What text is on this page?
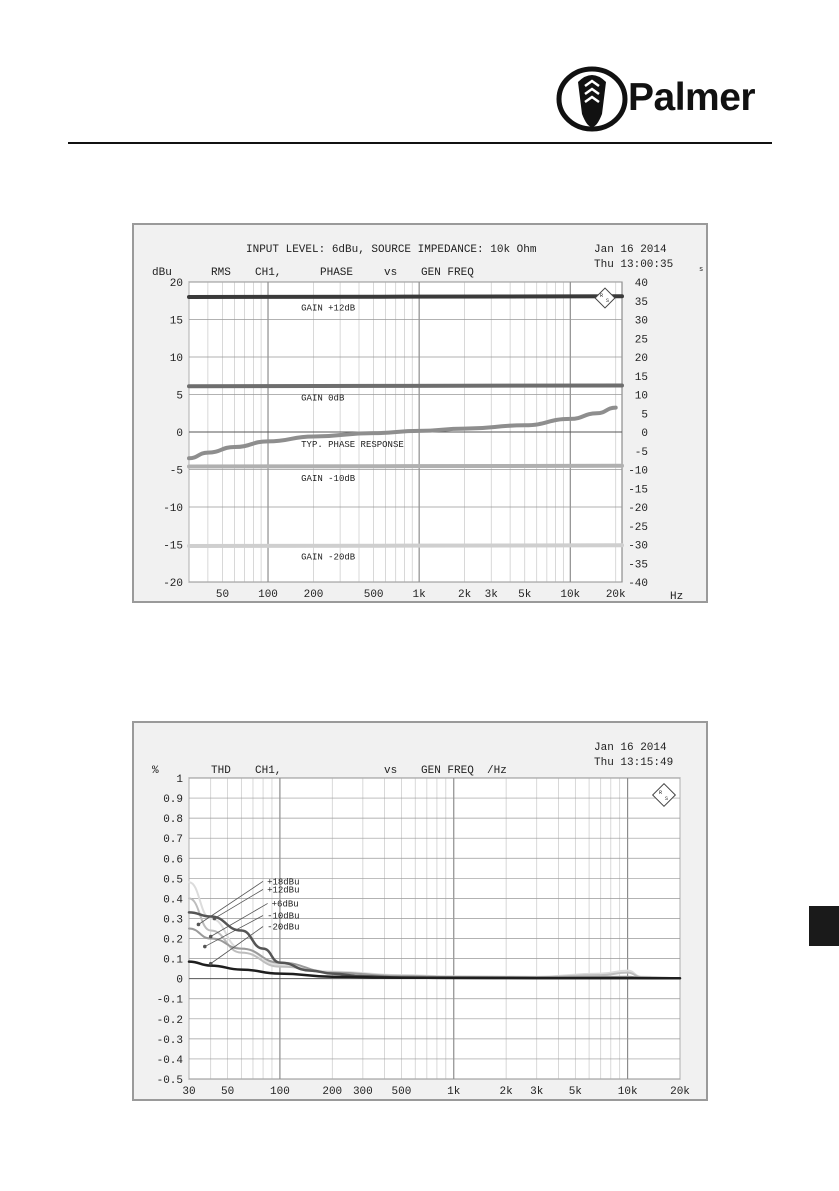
Palmer
INPUT LEVEL: 6dBu, SOURCE IMPEDANCE: 10k Ohm	Jan 16 2014
Thu 13:00:35	s
dBu	RMS CH1,	PHASE	vs GEN FREQ
Hz
20
15
10
5
0
-5
-10
-15
-20
40
35
30
25
20
15
10
5
0
-5
-10
-15
-20
-25
-30
-35
-40
50	100 200	500	1k	2k 3k 5k	10k 20k
GAIN +12dB
GAIN 0dB
TYP. PHASE RESPONSE
GAIN -10dB
GAIN -20dB
R
S
Jan 16 2014
Thu 13:15:49
%	THD CH1,	vs GEN FREQ /Hz
1
0.9
0.8
0.7
0.6
0.5
0.4
0.3
0.2
0.1
0
-0.1
-0.2
-0.3
-0.4
-0.5
30 50	100	200 300 500	1k	2k 3k 5k	10k	20k
+18dBu
+12dBu
+6dBu
-10dBu
-20dBu
R
S
